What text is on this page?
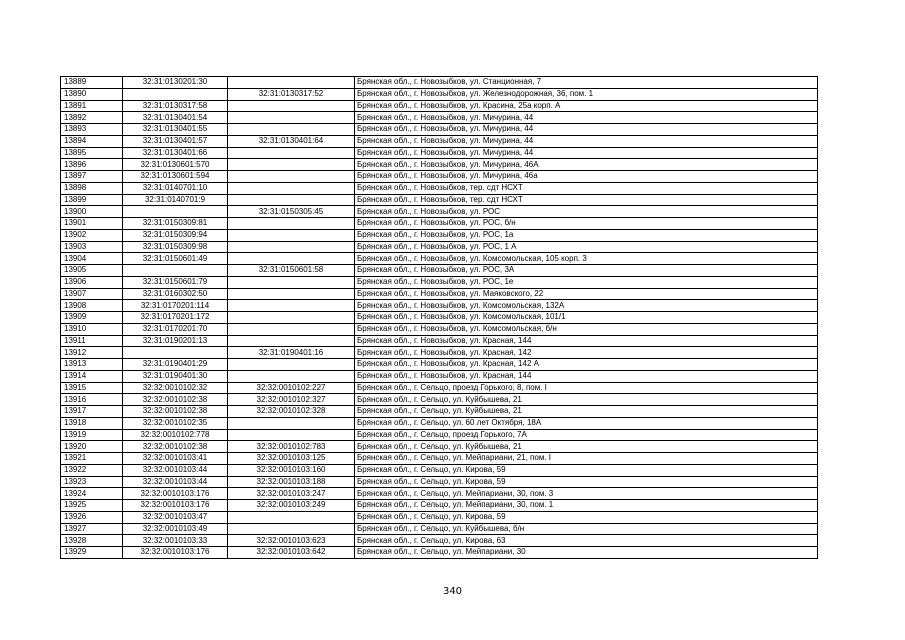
13889	32:31:0130201:30		Брянская обл., г. Новозыбков, ул. Станционная, 7
13890		32:31:0130317:52	Брянская обл., г. Новозыбков, ул. Железнодорожная, 36, пом. 1
13891	32:31:0130317:58		Брянская обл., г. Новозыбков, ул. Красина, 25а корп. А
13892	32:31:0130401:54		Брянская обл., г. Новозыбков, ул. Мичурина, 44
13893	32:31:0130401:55		Брянская обл., г. Новозыбков, ул. Мичурина, 44
13894	32:31:0130401:57	32:31:0130401:64	Брянская обл., г. Новозыбков, ул. Мичурина, 44
13895	32:31:0130401:66		Брянская обл., г. Новозыбков, ул. Мичурина, 44
13896	32:31:0130601:570		Брянская обл., г. Новозыбков, ул. Мичурина, 46А
13897	32:31:0130601:594		Брянская обл., г. Новозыбков, ул. Мичурина, 46а
13898	32:31:0140701:10		Брянская обл., г. Новозыбков, тер. сдт НСХТ
13899	32:31:0140701:9		Брянская обл., г. Новозыбков, тер. сдт НСХТ
13900		32:31:0150305:45	Брянская обл., г. Новозыбков, ул. РОС
13901	32:31:0150309:81		Брянская обл., г. Новозыбков, ул. РОС, б/н
13902	32:31:0150309:94		Брянская обл., г. Новозыбков, ул. РОС, 1а
13903	32:31:0150309:98		Брянская обл., г. Новозыбков, ул. РОС, 1 А
13904	32:31:0150601:49		Брянская обл., г. Новозыбков, ул. Комсомольская, 105 корп. 3
13905		32:31:0150601:58	Брянская обл., г. Новозыбков, ул. РОС, 3А
13906	32:31:0150601:79		Брянская обл., г. Новозыбков, ул. РОС, 1е
13907	32:31:0160302:50		Брянская обл., г. Новозыбков, ул. Маяковского, 22
13908	32:31:0170201:114		Брянская обл., г. Новозыбков, ул. Комсомольская, 132А
13909	32:31:0170201:172		Брянская обл., г. Новозыбков, ул. Комсомольская, 101/1
13910	32:31:0170201:70		Брянская обл., г. Новозыбков, ул. Комсомольская, б/н
13911	32:31:0190201:13		Брянская обл., г. Новозыбков, ул. Красная, 144
13912		32:31:0190401:16	Брянская обл., г. Новозыбков, ул. Красная, 142
13913	32:31:0190401:29		Брянская обл., г. Новозыбков, ул. Красная, 142 А
13914	32:31:0190401:30		Брянская обл., г. Новозыбков, ул. Красная, 144
13915	32:32:0010102:32	32:32:0010102:227	Брянская обл., г. Сельцо, проезд Горького, 8, пом. I
13916	32:32:0010102:38	32:32:0010102:327	Брянская обл., г. Сельцо, ул. Куйбышева, 21
13917	32:32:0010102:38	32:32:0010102:328	Брянская обл., г. Сельцо, ул. Куйбышева, 21
13918	32:32:0010102:35		Брянская обл., г. Сельцо, ул. 60 лет Октября, 18А
13919	32:32:0010102:778		Брянская обл., г. Сельцо, проезд Горького, 7А
13920	32:32:0010102:38	32:32:0010102:783	Брянская обл., г. Сельцо, ул. Куйбышева, 21
13921	32:32:0010103:41	32:32:0010103:125	Брянская обл., г. Сельцо, ул. Мейпариани, 21, пом. I
13922	32:32:0010103:44	32:32:0010103:160	Брянская обл., г. Сельцо, ул. Кирова, 59
13923	32:32:0010103:44	32:32:0010103:188	Брянская обл., г. Сельцо, ул. Кирова, 59
13924	32:32:0010103:176	32:32:0010103:247	Брянская обл., г. Сельцо, ул. Мейпариани, 30, пом. 3
13925	32:32:0010103:176	32:32:0010103:249	Брянская обл., г. Сельцо, ул. Мейпариани, 30, пом. 1
13926	32:32:0010103:47		Брянская обл., г. Сельцо, ул. Кирова, 59
13927	32:32:0010103:49		Брянская обл., г. Сельцо, ул. Куйбышева, б/н
13928	32:32:0010103:33	32:32:0010103:623	Брянская обл., г. Сельцо, ул. Кирова, 63
13929	32:32:0010103:176	32:32:0010103:642	Брянская обл., г. Сельцо, ул. Мейпариани, 30
340
